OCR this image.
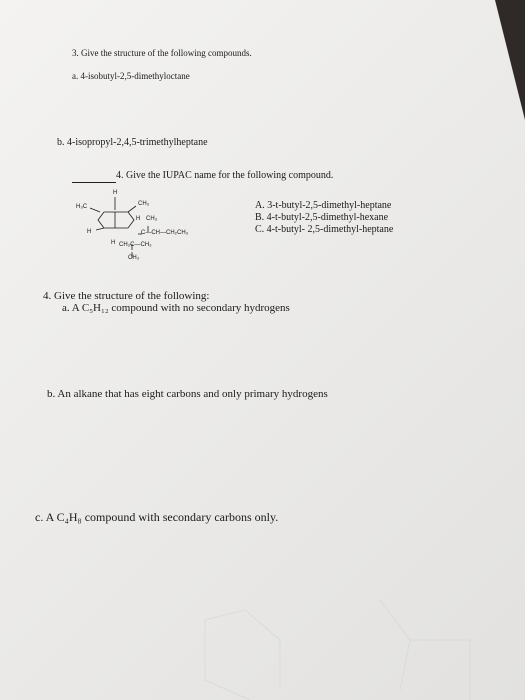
3. Give the structure of the following compounds.
a. 4-isobutyl-2,5-dimethyloctane
b. 4-isopropyl-2,4,5-trimethylheptane
4. Give the IUPAC name for the following compound.
H₃C
H
CH₃
H CH₃
H	C—CH—CH₂CH₃
H CH₃C—CH₃
CH₃
A. 3-t-butyl-2,5-dimethyl-heptane
B. 4-t-butyl-2,5-dimethyl-hexane
C. 4-t-butyl- 2,5-dimethyl-heptane
4. Give the structure of the following:
a. A C₅H₁₂ compound with no secondary hydrogens
b. An alkane that has eight carbons and only primary hydrogens
c. A C₄H₈ compound with secondary carbons only.
